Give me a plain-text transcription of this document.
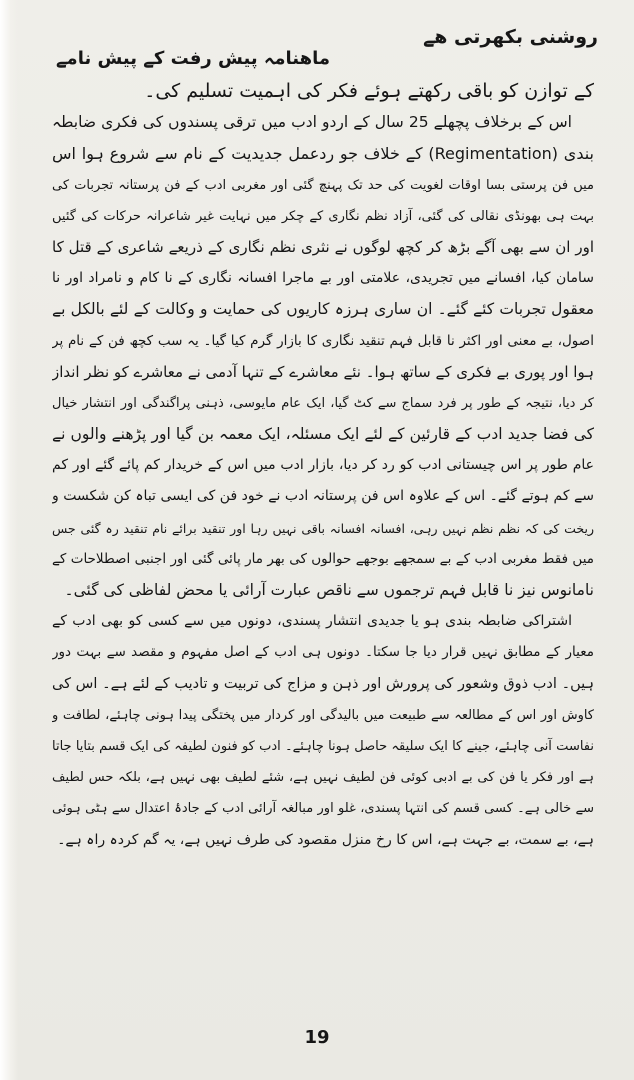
روشنی بکھرتی ھے
ماھنامہ پیش رفت کے پیش نامے
کے توازن کو باقی رکھتے ہوئے فکر کی اہمیت تسلیم کی۔
اس کے برخلاف پچھلے 25 سال کے اردو ادب میں ترقی پسندوں کی فکری ضابطہ
بندی (Regimentation) کے خلاف جو ردعمل جدیدیت کے نام سے شروع ہوا اس
میں فن پرستی بسا اوقات لغویت کی حد تک پہنچ گئی اور مغربی ادب کے فن پرستانہ تجربات کی
بہت ہی بھونڈی نقالی کی گئی، آزاد نظم نگاری کے چکر میں نہایت غیر شاعرانہ حرکات کی گئیں
اور ان سے بھی آگے بڑھ کر کچھ لوگوں نے نثری نظم نگاری کے ذریعے شاعری کے قتل کا
سامان کیا، افسانے میں تجریدی، علامتی اور بے ماجرا افسانہ نگاری کے نا کام و نامراد اور نا
معقول تجربات کئے گئے۔ ان ساری ہرزہ کاریوں کی حمایت و وکالت کے لئے بالکل بے
اصول، بے معنی اور اکثر نا قابل فہم تنقید نگاری کا بازار گرم کیا گیا۔ یہ سب کچھ فن کے نام پر
ہوا اور پوری بے فکری کے ساتھ ہوا۔ نئے معاشرے کے تنہا آدمی نے معاشرے کو نظر انداز
کر دیا، نتیجہ کے طور پر فرد سماج سے کٹ گیا، ایک عام مایوسی، ذہنی پراگندگی اور انتشار خیال
کی فضا جدید ادب کے قارئین کے لئے ایک مسئلہ، ایک معمہ بن گیا اور پڑھنے والوں نے
عام طور پر اس چیستانی ادب کو رد کر دیا، بازار ادب میں اس کے خریدار کم پائے گئے اور کم
سے کم ہوتے گئے۔ اس کے علاوہ اس فن پرستانہ ادب نے خود فن کی ایسی تباہ کن شکست و
ریخت کی کہ نظم نظم نہیں رہی، افسانہ افسانہ باقی نہیں رہا اور تنقید برائے نام تنقید رہ گئی جس
میں فقط مغربی ادب کے بے سمجھے بوجھے حوالوں کی بھر مار پائی گئی اور اجنبی اصطلاحات کے
نامانوس نیز نا قابل فہم ترجموں سے ناقص عبارت آرائی یا محض لفاظی کی گئی۔
اشتراکی ضابطہ بندی ہو یا جدیدی انتشار پسندی، دونوں میں سے کسی کو بھی ادب کے
معیار کے مطابق نہیں قرار دیا جا سکتا۔ دونوں ہی ادب کے اصل مفہوم و مقصد سے بہت دور
ہیں۔ ادب ذوق وشعور کی پرورش اور ذہن و مزاج کی تربیت و تادیب کے لئے ہے۔ اس کی
کاوش اور اس کے مطالعہ سے طبیعت میں بالیدگی اور کردار میں پختگی پیدا ہونی چاہئے، لطافت و
نفاست آنی چاہئے، جینے کا ایک سلیقہ حاصل ہونا چاہئے۔ ادب کو فنون لطیفہ کی ایک قسم بتایا جاتا
ہے اور فکر یا فن کی بے ادبی کوئی فن لطیف نہیں ہے، شئے لطیف بھی نہیں ہے، بلکہ حس لطیف
سے خالی ہے۔ کسی قسم کی انتہا پسندی، غلو اور مبالغہ آرائی ادب کے جادۂ اعتدال سے ہٹی ہوئی
ہے، بے سمت، بے جہت ہے، اس کا رخ منزل مقصود کی طرف نہیں ہے، یہ گم کردہ راہ ہے۔
19
